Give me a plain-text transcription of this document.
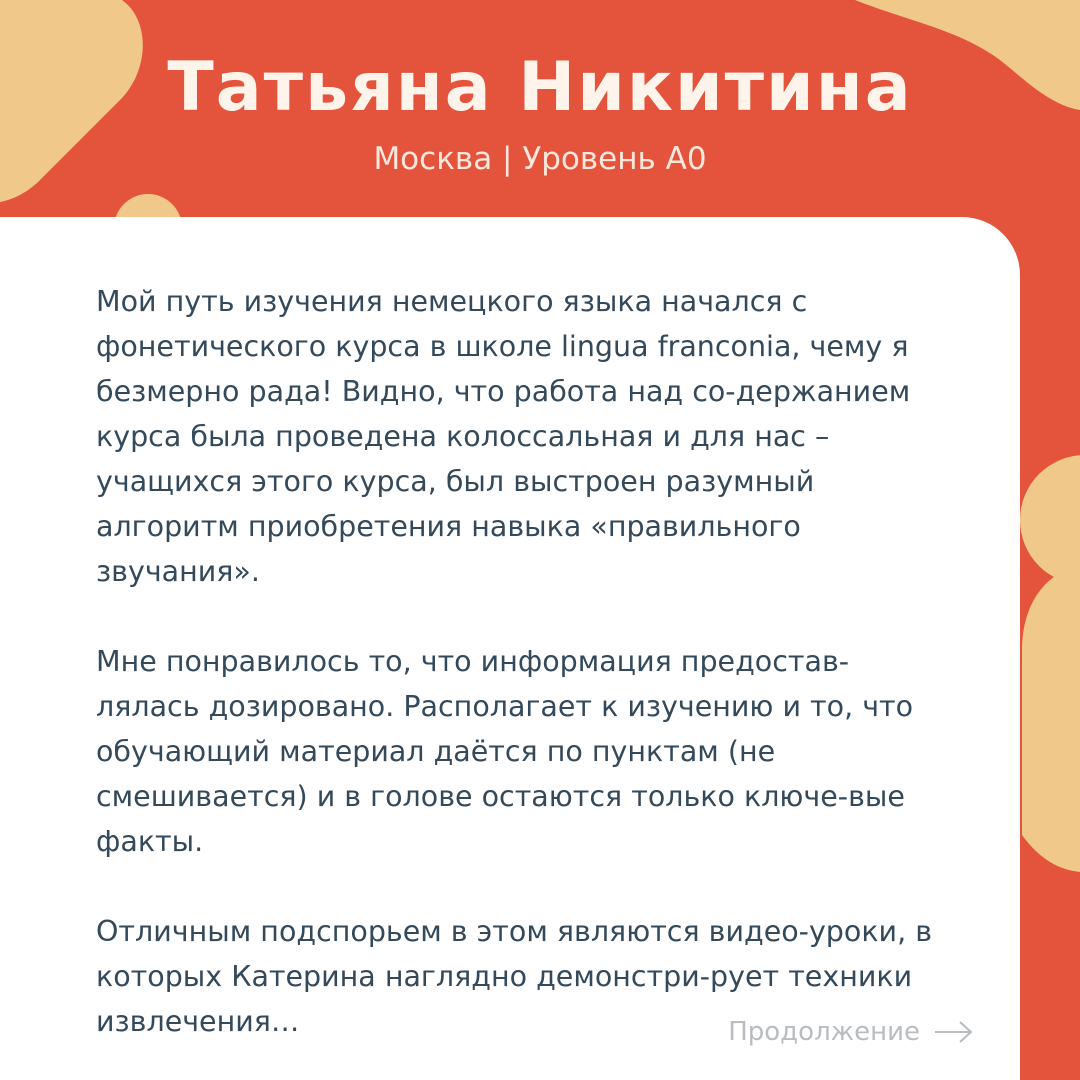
Татьяна Никитина
Москва | Уровень А0

Мой путь изучения немецкого языка начался с фонетического курса в школе lingua franconia, чему я безмерно рада! Видно, что работа над со-держанием курса была проведена колоссальная и для нас – учащихся этого курса, был выстроен разумный алгоритм приобретения навыка «правильного звучания».

Мне понравилось то, что информация предостав-лялась дозировано. Располагает к изучению и то, что обучающий материал даётся по пунктам (не смешивается) и в голове остаются только ключе-вые факты.

Отличным подспорьем в этом являются видео-уроки, в которых Катерина наглядно демонстри-рует техники извлечения…	Продолжение
